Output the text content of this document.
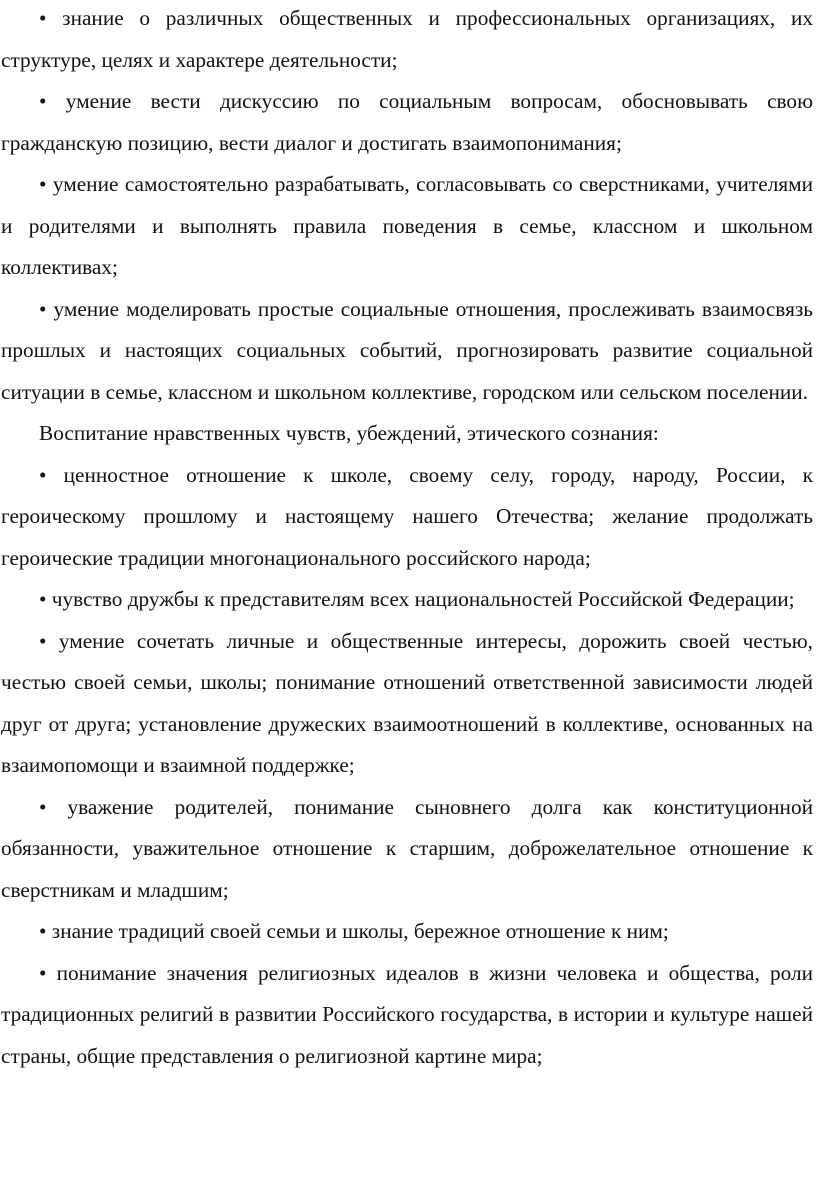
• знание о различных общественных и профессиональных организациях, их структуре, целях и характере деятельности;

• умение вести дискуссию по социальным вопросам, обосновывать свою гражданскую позицию, вести диалог и достигать взаимопонимания;

• умение самостоятельно разрабатывать, согласовывать со сверстниками, учителями и родителями и выполнять правила поведения в семье, классном и школьном коллективах;

• умение моделировать простые социальные отношения, прослеживать взаимосвязь прошлых и настоящих социальных событий, прогнозировать развитие социальной ситуации в семье, классном и школьном коллективе, городском или сельском поселении.

Воспитание нравственных чувств, убеждений, этического сознания:

• ценностное отношение к школе, своему селу, городу, народу, России, к героическому прошлому и настоящему нашего Отечества; желание продолжать героические традиции многонационального российского народа;

• чувство дружбы к представителям всех национальностей Российской Федерации;

• умение сочетать личные и общественные интересы, дорожить своей честью, честью своей семьи, школы; понимание отношений ответственной зависимости людей друг от друга; установление дружеских взаимоотношений в коллективе, основанных на взаимопомощи и взаимной поддержке;

• уважение родителей, понимание сыновнего долга как конституционной обязанности, уважительное отношение к старшим, доброжелательное отношение к сверстникам и младшим;

• знание традиций своей семьи и школы, бережное отношение к ним;

• понимание значения религиозных идеалов в жизни человека и общества, роли традиционных религий в развитии Российского государства, в истории и культуре нашей страны, общие представления о религиозной картине мира;
